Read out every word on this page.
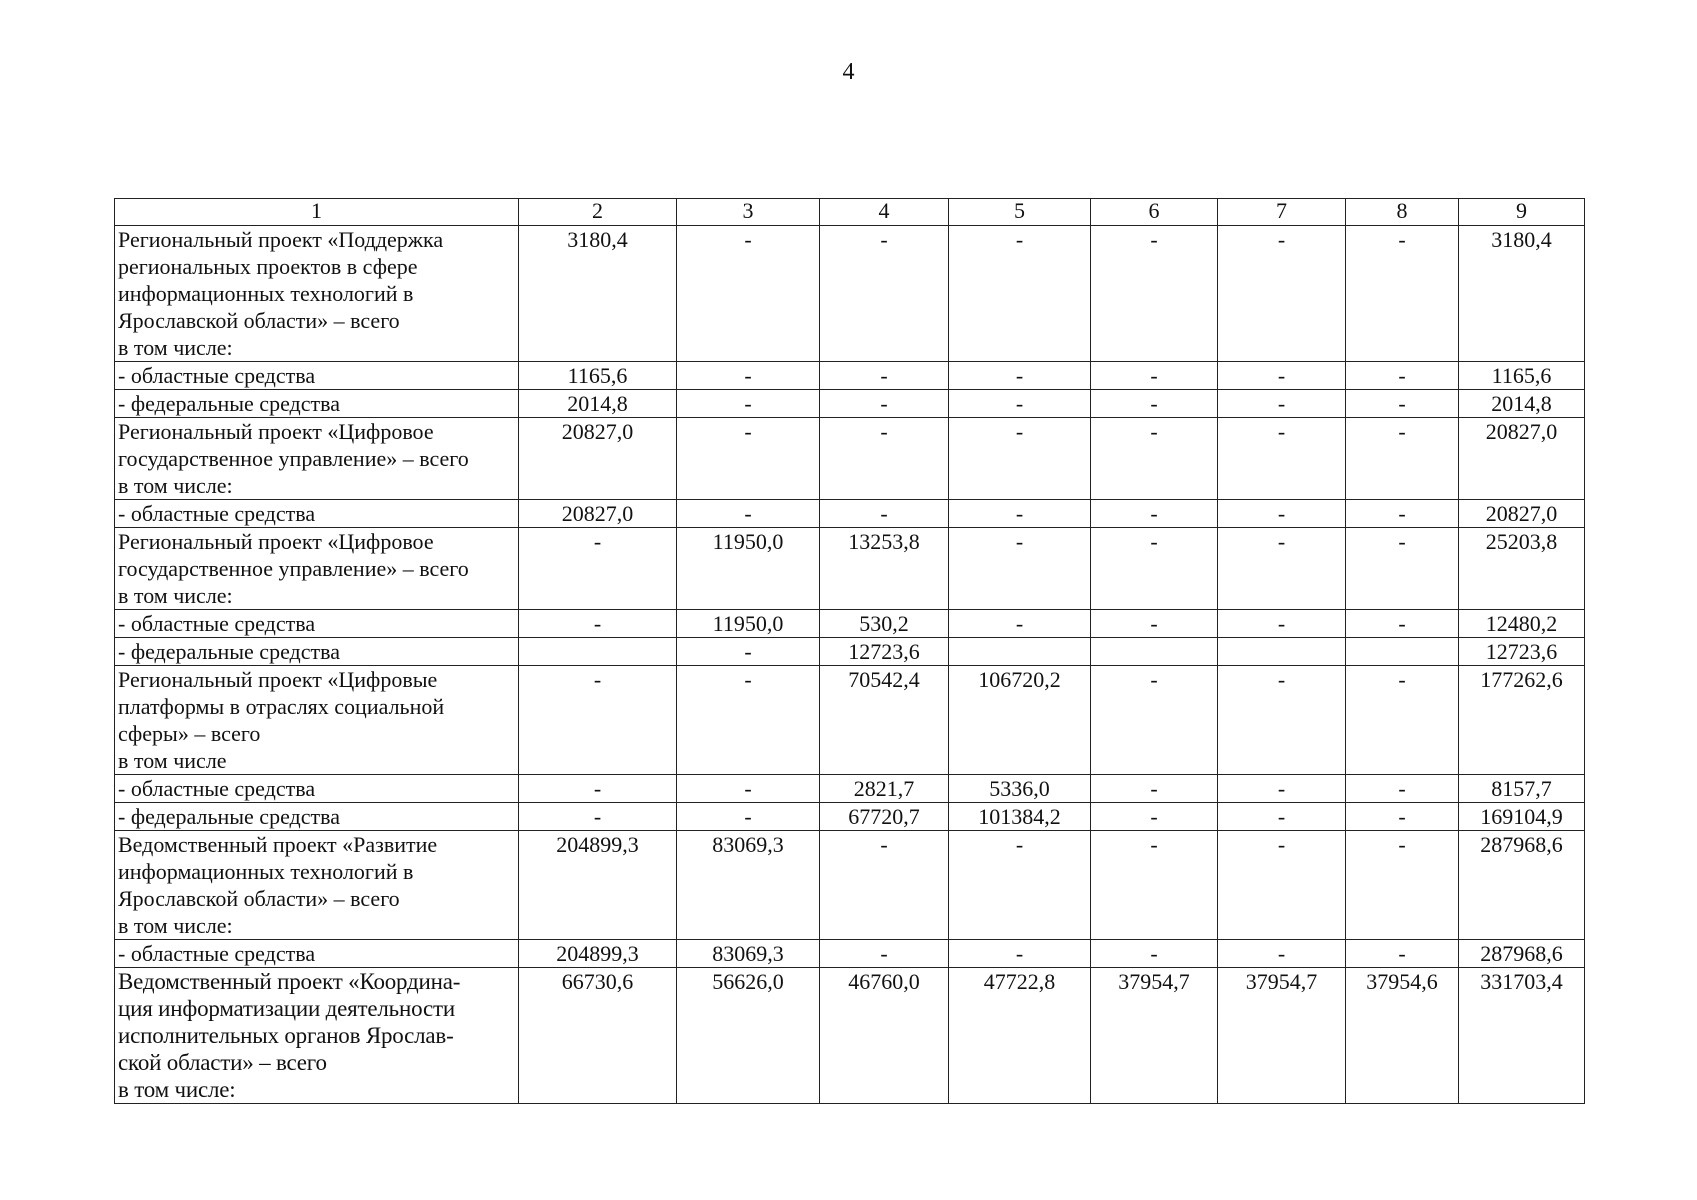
4
1	2	3	4	5	6	7	8	9
Региональный проект «Поддержка
региональных проектов в сфере
информационных технологий в
Ярославской области» – всего
в том числе:	3180,4	-	-	-	-	-	-	3180,4
- областные средства	1165,6	-	-	-	-	-	-	1165,6
- федеральные средства	2014,8	-	-	-	-	-	-	2014,8
Региональный проект «Цифровое
государственное управление» – всего
в том числе:	20827,0	-	-	-	-	-	-	20827,0
- областные средства	20827,0	-	-	-	-	-	-	20827,0
Региональный проект «Цифровое
государственное управление» – всего
в том числе:	-	11950,0	13253,8	-	-	-	-	25203,8
- областные средства	-	11950,0	530,2	-	-	-	-	12480,2
- федеральные средства		-	12723,6					12723,6
Региональный проект «Цифровые
платформы в отраслях социальной
сферы» – всего
в том числе	-	-	70542,4	106720,2	-	-	-	177262,6
- областные средства	-	-	2821,7	5336,0	-	-	-	8157,7
- федеральные средства	-	-	67720,7	101384,2	-	-	-	169104,9
Ведомственный проект «Развитие
информационных технологий в
Ярославской области» – всего
в том числе:	204899,3	83069,3	-	-	-	-	-	287968,6
- областные средства	204899,3	83069,3	-	-	-	-	-	287968,6
Ведомственный проект «Координа-
ция информатизации деятельности
исполнительных органов Ярослав-
ской области» – всего
в том числе:	66730,6	56626,0	46760,0	47722,8	37954,7	37954,7	37954,6	331703,4
